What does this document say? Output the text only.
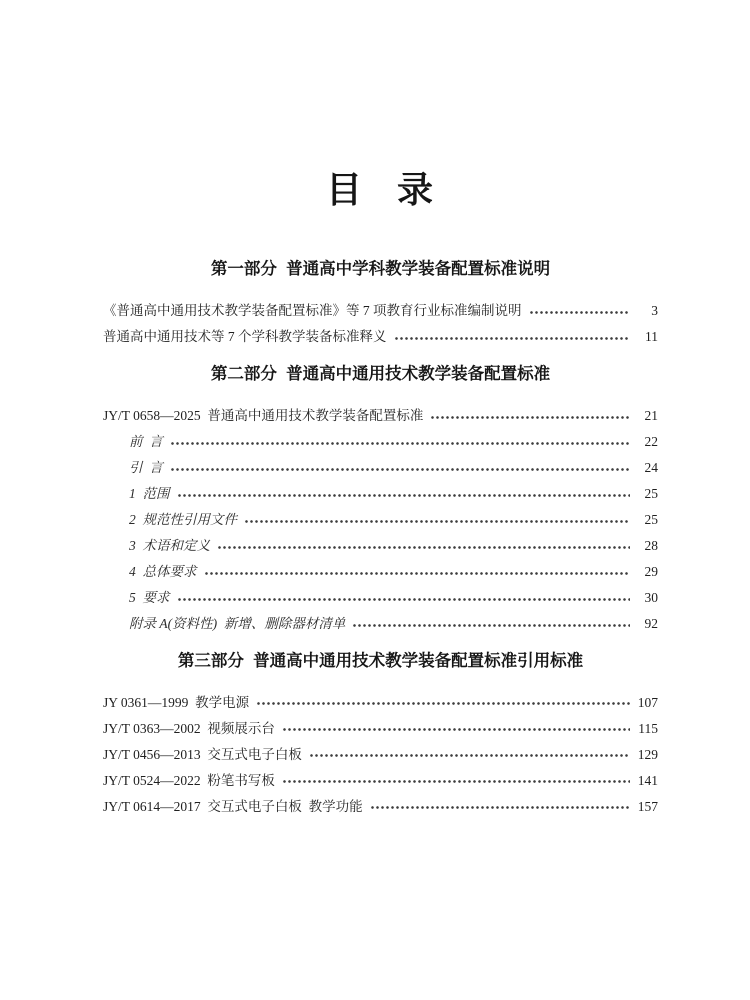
目   录
第一部分  普通高中学科教学装备配置标准说明
《普通高中通用技术教学装备配置标准》等 7 项教育行业标准编制说明	3
普通高中通用技术等 7 个学科教学装备标准释义	11
第二部分  普通高中通用技术教学装备配置标准
JY/T 0658—2025  普通高中通用技术教学装备配置标准	21
前  言	22
引  言	24
1  范围	25
2  规范性引用文件	25
3  术语和定义	28
4  总体要求	29
5  要求	30
附录 A(资料性)  新增、删除器材清单	92
第三部分  普通高中通用技术教学装备配置标准引用标准
JY 0361—1999  教学电源	107
JY/T 0363—2002  视频展示台	115
JY/T 0456—2013  交互式电子白板	129
JY/T 0524—2022  粉笔书写板	141
JY/T 0614—2017  交互式电子白板  教学功能	157
